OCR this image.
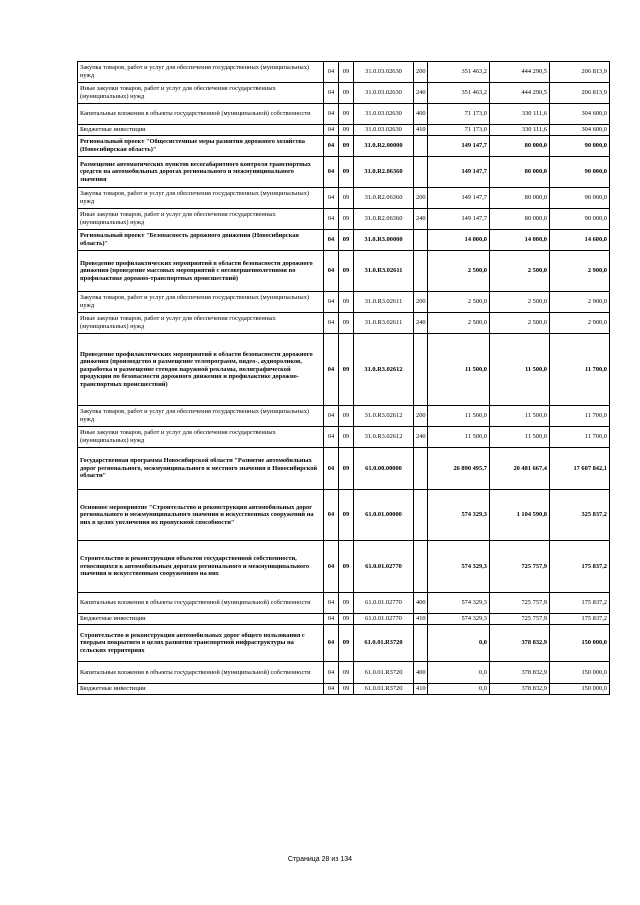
Закупка товаров, работ и услуг для обеспечения государственных (муниципальных) нужд	04	09	31.0.03.02630	200	351 463,2	444 290,5	206 813,9
Иные закупки товаров, работ и услуг для обеспечения государственных (муниципальных) нужд	04	09	31.0.03.02630	240	351 463,2	444 290,5	206 813,9
Капитальные вложения в объекты государственной (муниципальной) собственности	04	09	31.0.03.02630	400	71 173,0	330 111,6	304 600,0
Бюджетные инвестиции	04	09	31.0.03.02630	410	71 173,0	330 111,6	304 600,0
Региональный проект "Общесистемные меры развития дорожного хозяйства (Новосибирская область)"	04	09	31.0.R2.00000		149 147,7	80 000,0	90 000,0
Размещение автоматических пунктов весогабаритного контроля транспортных средств на автомобильных дорогах регионального и межмуниципального значения	04	09	31.0.R2.06360		149 147,7	80 000,0	90 000,0
Закупка товаров, работ и услуг для обеспечения государственных (муниципальных) нужд	04	09	31.0.R2.06360	200	149 147,7	80 000,0	90 000,0
Иные закупки товаров, работ и услуг для обеспечения государственных (муниципальных) нужд	04	09	31.0.R2.06360	240	149 147,7	80 000,0	90 000,0
Региональный проект "Безопасность дорожного движения (Новосибирская область)"	04	09	31.0.R3.00000		14 000,0	14 000,0	14 600,0
Проведение профилактических мероприятий в области безопасности дорожного движения (проведение массовых мероприятий с несовершеннолетними по профилактике дорожно-транспортных происшествий)	04	09	31.0.R3.02611		2 500,0	2 500,0	2 900,0
Закупка товаров, работ и услуг для обеспечения государственных (муниципальных) нужд	04	09	31.0.R3.02611	200	2 500,0	2 500,0	2 900,0
Иные закупки товаров, работ и услуг для обеспечения государственных (муниципальных) нужд	04	09	31.0.R3.02611	240	2 500,0	2 500,0	2 900,0
Проведение профилактических мероприятий в области безопасности дорожного движения (производство и размещение телепрограмм, видео-, аудиороликов, разработка и размещение стендов наружной рекламы, полиграфической продукции по безопасности дорожного движения и профилактике дорожно-транспортных происшествий)	04	09	31.0.R3.02612		11 500,0	11 500,0	11 700,0
Закупка товаров, работ и услуг для обеспечения государственных (муниципальных) нужд	04	09	31.0.R3.02612	200	11 500,0	11 500,0	11 700,0
Иные закупки товаров, работ и услуг для обеспечения государственных (муниципальных) нужд	04	09	31.0.R3.02612	240	11 500,0	11 500,0	11 700,0
Государственная программа Новосибирской области "Развитие автомобильных дорог регионального, межмуниципального и местного значения в Новосибирской области"	04	09	61.0.00.00000		26 890 495,7	20 481 667,4	17 607 842,1
Основное мероприятие "Строительство и реконструкция автомобильных дорог регионального и межмуниципального значения и искусственных сооружений на них в целях увеличения их пропускной способности"	04	09	61.0.01.00000		574 329,3	1 104 590,8	325 837,2
Строительство и реконструкция объектов государственной собственности, относящихся к автомобильным дорогам регионального и межмуниципального значения и искусственным сооружениям на них	04	09	61.0.01.02770		574 329,3	725 757,9	175 837,2
Капитальные вложения в объекты государственной (муниципальной) собственности	04	09	61.0.01.02770	400	574 329,3	725 757,9	175 837,2
Бюджетные инвестиции	04	09	61.0.01.02770	410	574 329,3	725 757,9	175 837,2
Строительство и реконструкция автомобильных дорог общего пользования с твердым покрытием в целях развития транспортной инфраструктуры на сельских территориях	04	09	61.0.01.R3720		0,0	378 832,9	150 000,0
Капитальные вложения в объекты государственной (муниципальной) собственности	04	09	61.0.01.R3720	400	0,0	378 832,9	150 000,0
Бюджетные инвестиции	04	09	61.0.01.R3720	410	0,0	378 832,9	150 000,0
Страница 28 из 134
